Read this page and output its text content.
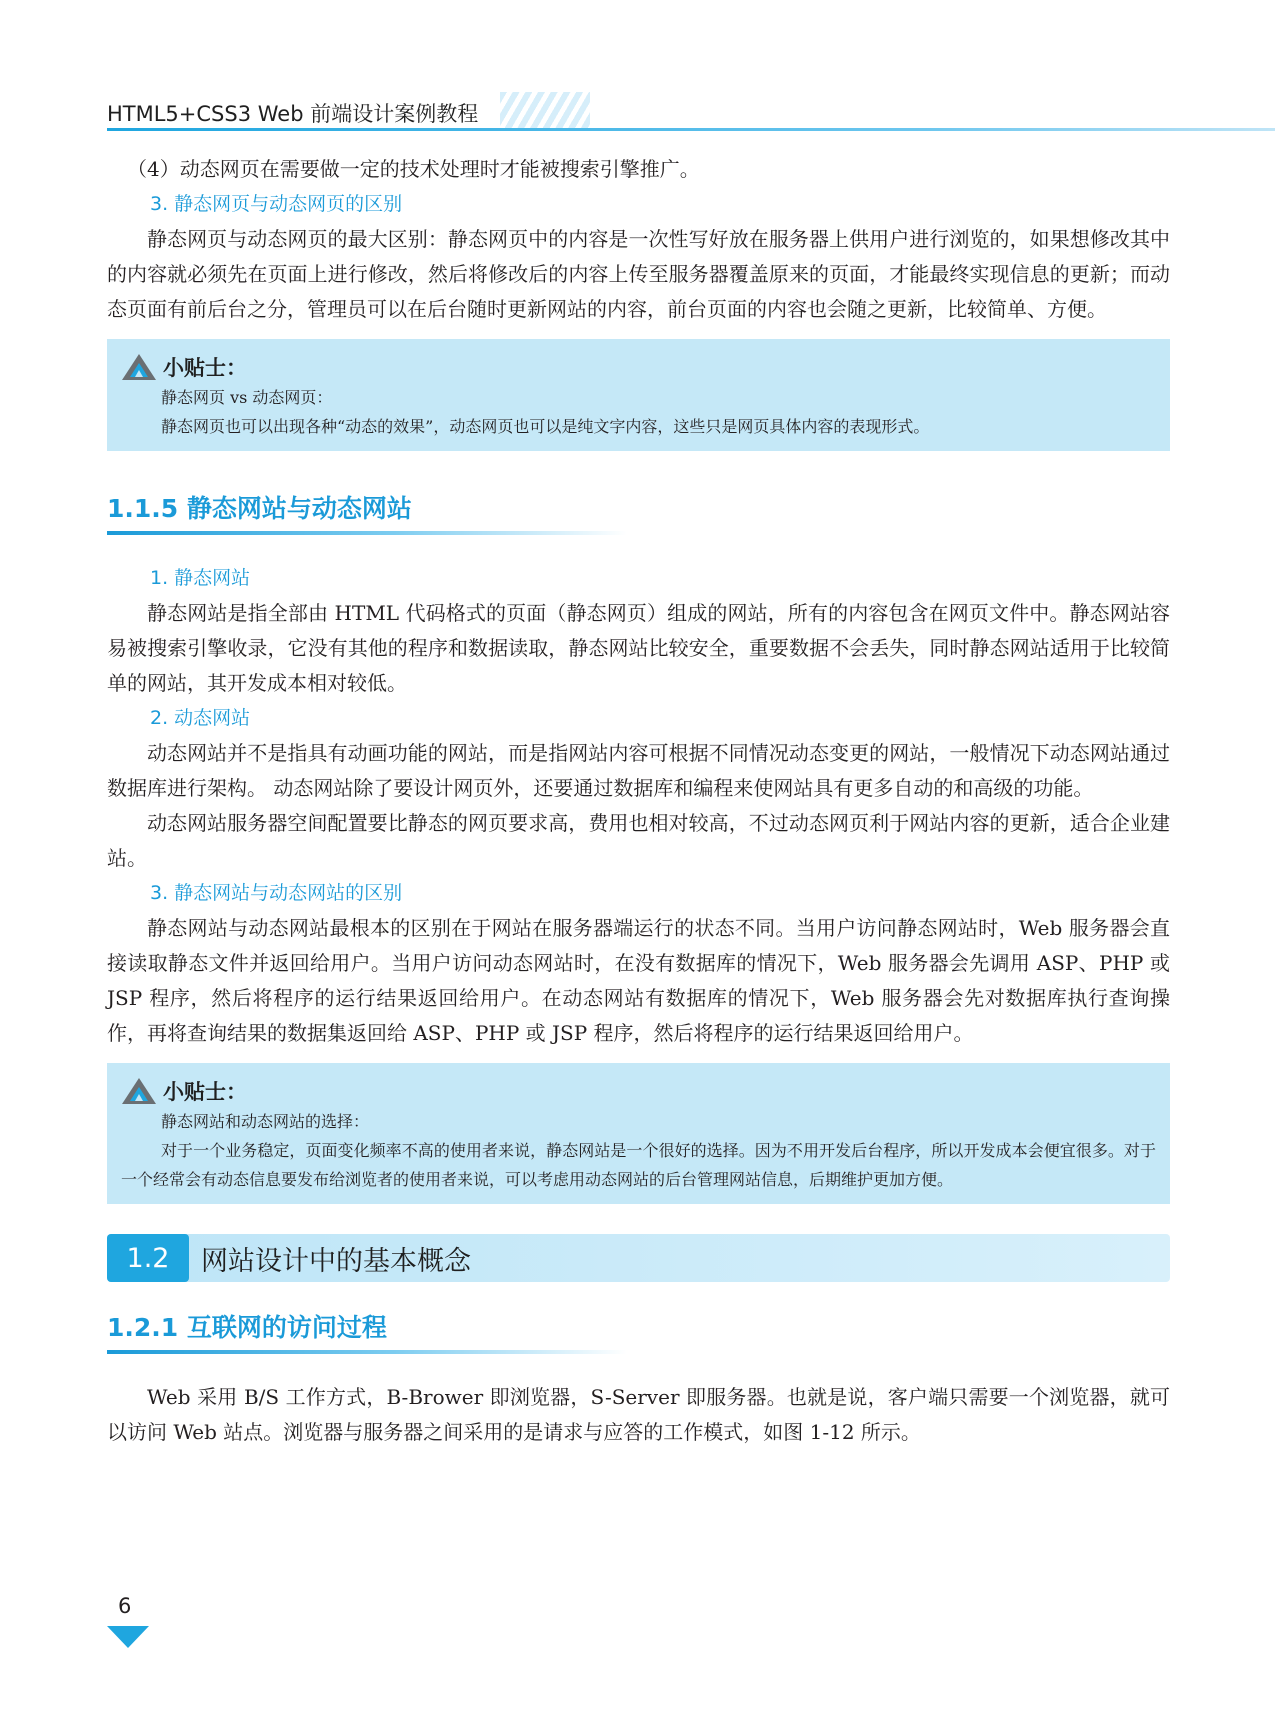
HTML5+CSS3 Web 前端设计案例教程

（4）动态网页在需要做一定的技术处理时才能被搜索引擎推广。

3. 静态网页与动态网页的区别

静态网页与动态网页的最大区别：静态网页中的内容是一次性写好放在服务器上供用户进行浏览的，如果想修改其中的内容就必须先在页面上进行修改，然后将修改后的内容上传至服务器覆盖原来的页面，才能最终实现信息的更新；而动态页面有前后台之分，管理员可以在后台随时更新网站的内容，前台页面的内容也会随之更新，比较简单、方便。

小贴士：

静态网页 vs 动态网页：

静态网页也可以出现各种“动态的效果”，动态网页也可以是纯文字内容，这些只是网页具体内容的表现形式。

1.1.5 静态网站与动态网站
1. 静态网站

静态网站是指全部由 HTML 代码格式的页面（静态网页）组成的网站，所有的内容包含在网页文件中。静态网站容易被搜索引擎收录，它没有其他的程序和数据读取，静态网站比较安全，重要数据不会丢失，同时静态网站适用于比较简单的网站，其开发成本相对较低。

2. 动态网站

动态网站并不是指具有动画功能的网站，而是指网站内容可根据不同情况动态变更的网站，一般情况下动态网站通过数据库进行架构。 动态网站除了要设计网页外，还要通过数据库和编程来使网站具有更多自动的和高级的功能。

动态网站服务器空间配置要比静态的网页要求高，费用也相对较高，不过动态网页利于网站内容的更新，适合企业建站。

3. 静态网站与动态网站的区别

静态网站与动态网站最根本的区别在于网站在服务器端运行的状态不同。当用户访问静态网站时，Web 服务器会直接读取静态文件并返回给用户。当用户访问动态网站时，在没有数据库的情况下，Web 服务器会先调用 ASP、PHP 或 JSP 程序，然后将程序的运行结果返回给用户。在动态网站有数据库的情况下，Web 服务器会先对数据库执行查询操作，再将查询结果的数据集返回给 ASP、PHP 或 JSP 程序，然后将程序的运行结果返回给用户。

小贴士：

静态网站和动态网站的选择：

对于一个业务稳定，页面变化频率不高的使用者来说，静态网站是一个很好的选择。因为不用开发后台程序，所以开发成本会便宜很多。对于一个经常会有动态信息要发布给浏览者的使用者来说，可以考虑用动态网站的后台管理网站信息，后期维护更加方便。

1.2	网站设计中的基本概念
1.2.1 互联网的访问过程

Web 采用 B/S 工作方式，B-Brower 即浏览器，S-Server 即服务器。也就是说，客户端只需要一个浏览器，就可以访问 Web 站点。浏览器与服务器之间采用的是请求与应答的工作模式，如图 1-12 所示。

6
